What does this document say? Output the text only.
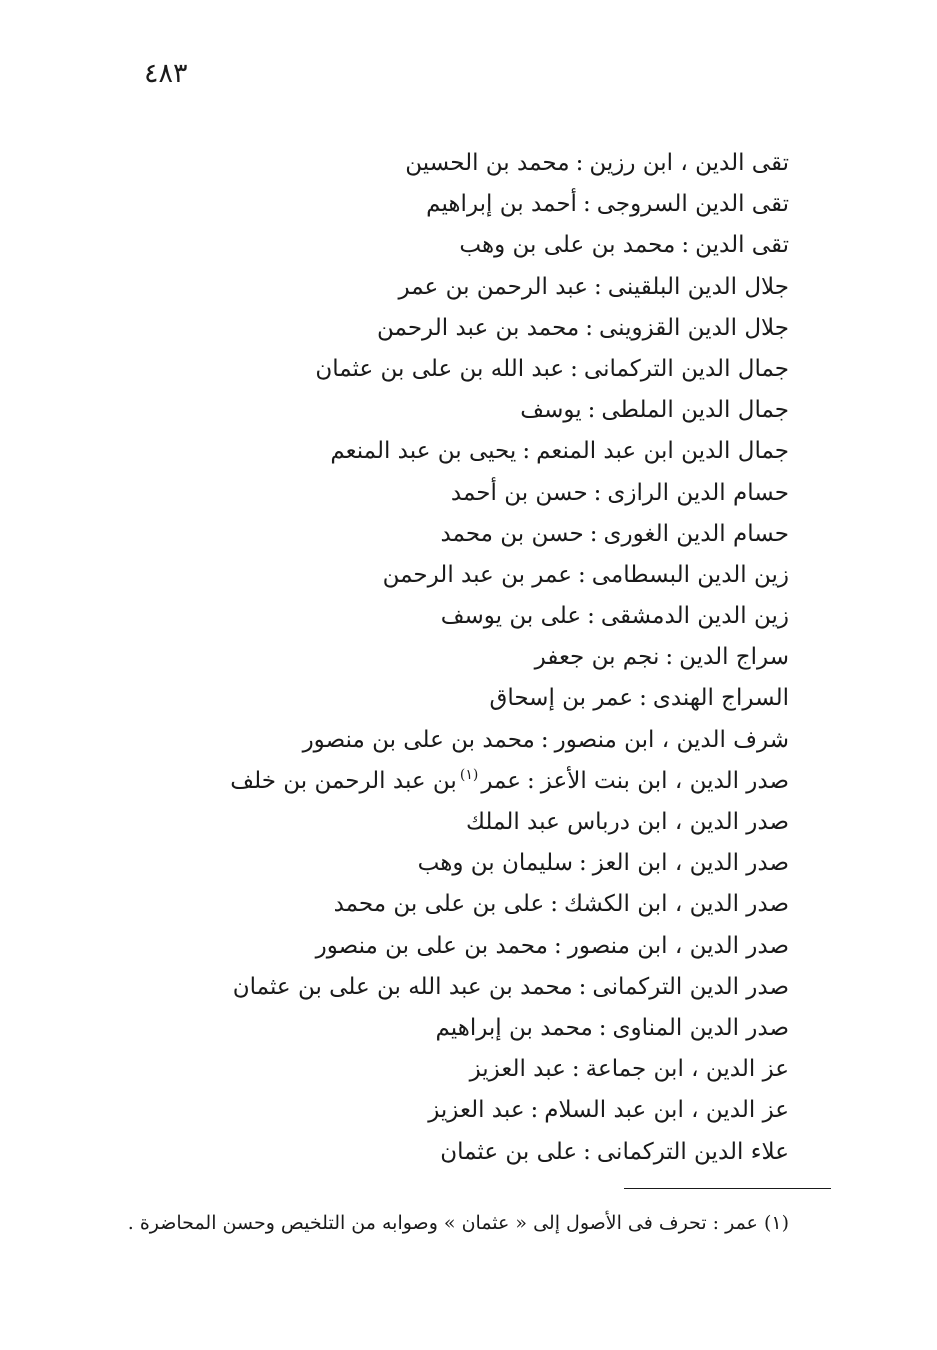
٤٨٣
تقى الدين ، ابن رزين:محمد بن الحسين
تقى الدين السروجى:أحمد بن إبراهيم
تقى الدين:محمد بن على بن وهب
جلال الدين البلقينى:عبد الرحمن بن عمر
جلال الدين القزوينى:محمد بن عبد الرحمن
جمال الدين التركمانى:عبد الله بن على بن عثمان
جمال الدين الملطى:يوسف
جمال الدين ابن عبد المنعم:يحيى بن عبد المنعم
حسام الدين الرازى:حسن بن أحمد
حسام الدين الغورى:حسن بن محمد
زين الدين البسطامى:عمر بن عبد الرحمن
زين الدين الدمشقى:على بن يوسف
سراج الدين:نجم بن جعفر
السراج الهندى:عمر بن إسحاق
شرف الدين ، ابن منصور:محمد بن على بن منصور
صدر الدين ، ابن بنت الأعز:عمر$^{(١)}$بن عبد الرحمن بن خلف
صدر الدين ، ابن درباس عبد الملك
صدر الدين ، ابن العز:سليمان بن وهب
صدر الدين ، ابن الكشك:على بن على بن محمد
صدر الدين ، ابن منصور:محمد بن على بن منصور
صدر الدين التركمانى:محمد بن عبد الله بن على بن عثمان
صدر الدين المناوى:محمد بن إبراهيم
عز الدين ، ابن جماعة:عبد العزيز
عز الدين ، ابن عبد السلام:عبد العزيز
علاء الدين التركمانى:على بن عثمان
(١) عمر : تحرف فى الأصول إلى « عثمان » وصوابه من التلخيص وحسن المحاضرة .
